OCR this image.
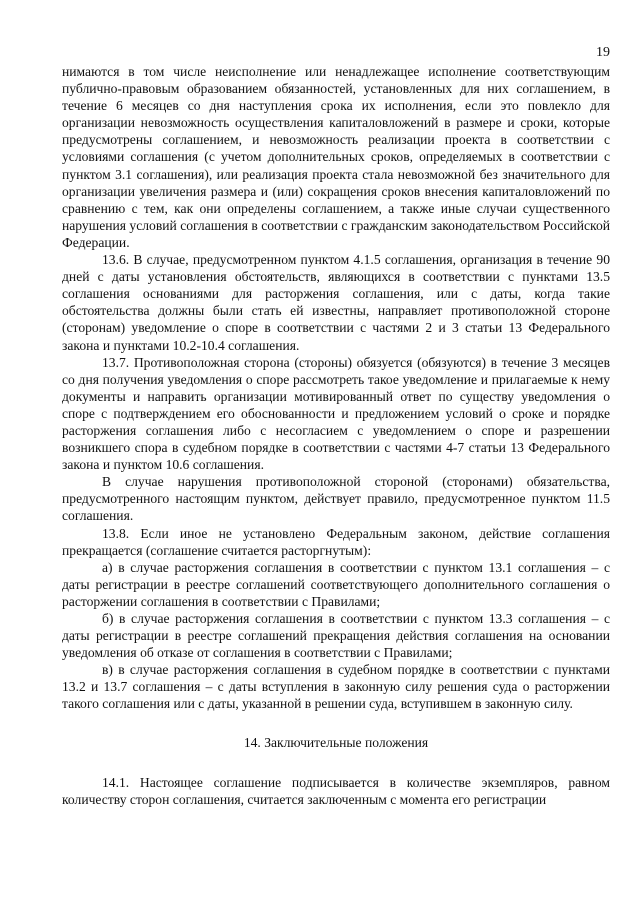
19

нимаются в том числе неисполнение или ненадлежащее исполнение соответствующим публично-правовым образованием обязанностей, установленных для них соглашением, в течение 6 месяцев со дня наступления срока их исполнения, если это повлекло для организации невозможность осуществления капиталовложений в размере и сроки, которые предусмотрены соглашением, и невозможность реализации проекта в соответствии с условиями соглашения (с учетом дополнительных сроков, определяемых в соответствии с пунктом 3.1 соглашения), или реализация проекта стала невозможной без значительного для организации увеличения размера и (или) сокращения сроков внесения капиталовложений по сравнению с тем, как они определены соглашением, а также иные случаи существенного нарушения условий соглашения в соответствии с гражданским законодательством Российской Федерации.

13.6. В случае, предусмотренном пунктом 4.1.5 соглашения, организация в течение 90 дней с даты установления обстоятельств, являющихся в соответствии с пунктами 13.5 соглашения основаниями для расторжения соглашения, или с даты, когда такие обстоятельства должны были стать ей известны, направляет противоположной стороне (сторонам) уведомление о споре в соответствии с частями 2 и 3 статьи 13 Федерального закона и пунктами 10.2-10.4 соглашения.

13.7. Противоположная сторона (стороны) обязуется (обязуются) в течение 3 месяцев со дня получения уведомления о споре рассмотреть такое уведомление и прилагаемые к нему документы и направить организации мотивированный ответ по существу уведомления о споре с подтверждением его обоснованности и предложением условий о сроке и порядке расторжения соглашения либо с несогласием с уведомлением о споре и разрешении возникшего спора в судебном порядке в соответствии с частями 4-7 статьи 13 Федерального закона и пунктом 10.6 соглашения.

В случае нарушения противоположной стороной (сторонами) обязательства, предусмотренного настоящим пунктом, действует правило, предусмотренное пунктом 11.5 соглашения.

13.8. Если иное не установлено Федеральным законом, действие соглашения прекращается (соглашение считается расторгнутым):

а) в случае расторжения соглашения в соответствии с пунктом 13.1 соглашения – с даты регистрации в реестре соглашений соответствующего дополнительного соглашения о расторжении соглашения в соответствии с Правилами;

б) в случае расторжения соглашения в соответствии с пунктом 13.3 соглашения – с даты регистрации в реестре соглашений прекращения действия соглашения на основании уведомления об отказе от соглашения в соответствии с Правилами;

в) в случае расторжения соглашения в судебном порядке в соответствии с пунктами 13.2 и 13.7 соглашения – с даты вступления в законную силу решения суда о расторжении такого соглашения или с даты, указанной в решении суда, вступившем в законную силу.

14. Заключительные положения

14.1. Настоящее соглашение подписывается в количестве экземпляров, равном количеству сторон соглашения, считается заключенным с момента его регистрации
